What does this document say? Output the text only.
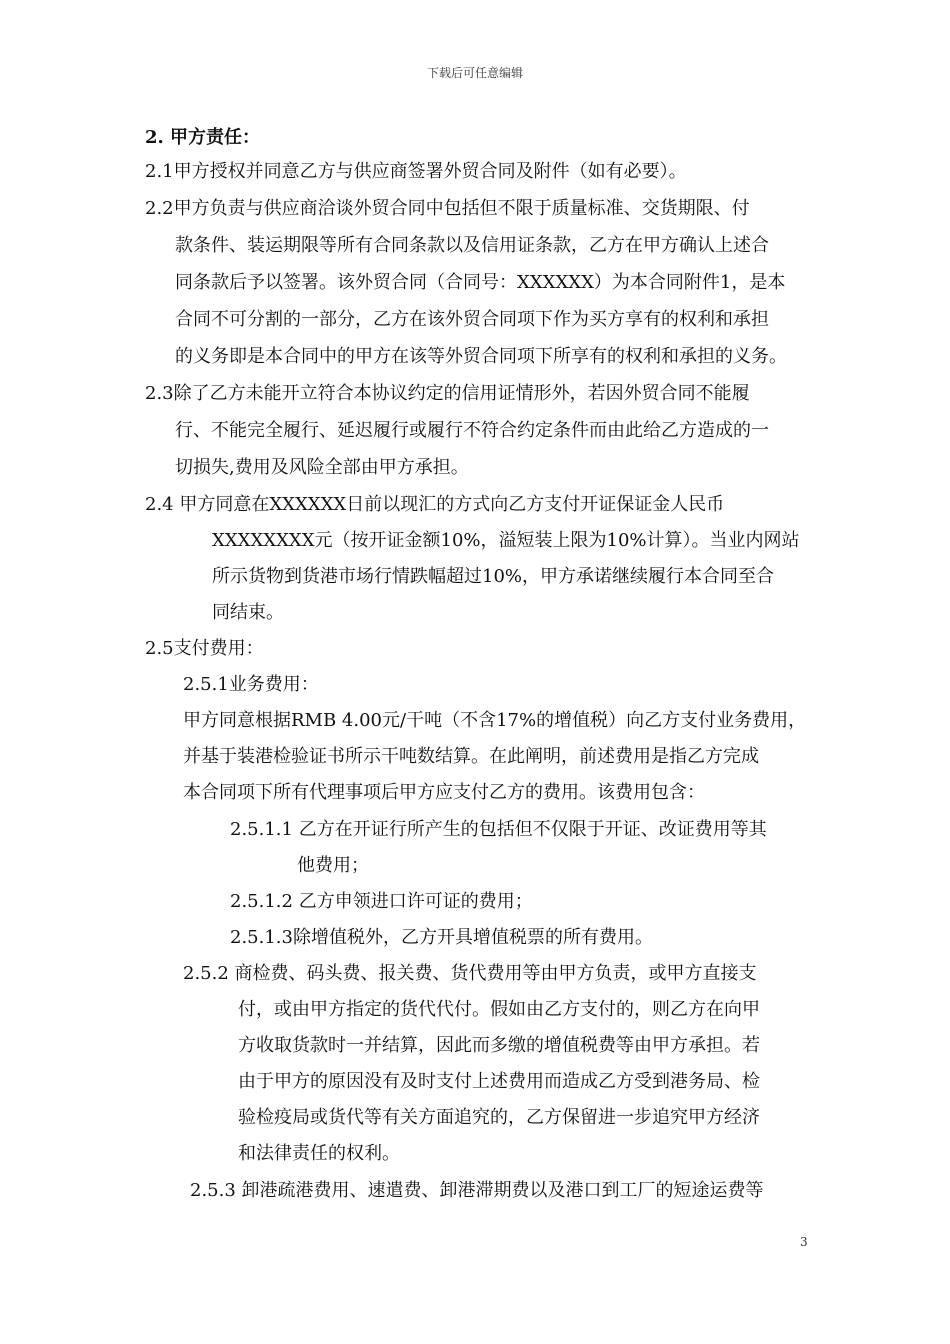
下载后可任意编辑
2. 甲方责任：
2.1甲方授权并同意乙方与供应商签署外贸合同及附件（如有必要）。
2.2甲方负责与供应商洽谈外贸合同中包括但不限于质量标准、交货期限、付
款条件、装运期限等所有合同条款以及信用证条款，乙方在甲方确认上述合
同条款后予以签署。该外贸合同（合同号：XXXXXX）为本合同附件1，是本
合同不可分割的一部分，乙方在该外贸合同项下作为买方享有的权利和承担
的义务即是本合同中的甲方在该等外贸合同项下所享有的权利和承担的义务。
2.3除了乙方未能开立符合本协议约定的信用证情形外，若因外贸合同不能履
行、不能完全履行、延迟履行或履行不符合约定条件而由此给乙方造成的一
切损失,费用及风险全部由甲方承担。
2.4 甲方同意在XXXXXX日前以现汇的方式向乙方支付开证保证金人民币
XXXXXXXX元（按开证金额10%，溢短装上限为10%计算）。当业内网站
所示货物到货港市场行情跌幅超过10%，甲方承诺继续履行本合同至合
同结束。
2.5支付费用：
2.5.1业务费用：
甲方同意根据RMB 4.00元/干吨（不含17%的增值税）向乙方支付业务费用，
并基于装港检验证书所示干吨数结算。在此阐明，前述费用是指乙方完成
本合同项下所有代理事项后甲方应支付乙方的费用。该费用包含：
2.5.1.1 乙方在开证行所产生的包括但不仅限于开证、改证费用等其
他费用；
2.5.1.2 乙方申领进口许可证的费用；
2.5.1.3除增值税外，乙方开具增值税票的所有费用。
2.5.2 商检费、码头费、报关费、货代费用等由甲方负责，或甲方直接支
付，或由甲方指定的货代代付。假如由乙方支付的，则乙方在向甲
方收取货款时一并结算，因此而多缴的增值税费等由甲方承担。若
由于甲方的原因没有及时支付上述费用而造成乙方受到港务局、检
验检疫局或货代等有关方面追究的，乙方保留进一步追究甲方经济
和法律责任的权利。
2.5.3 卸港疏港费用、速遣费、卸港滞期费以及港口到工厂的短途运费等
3
